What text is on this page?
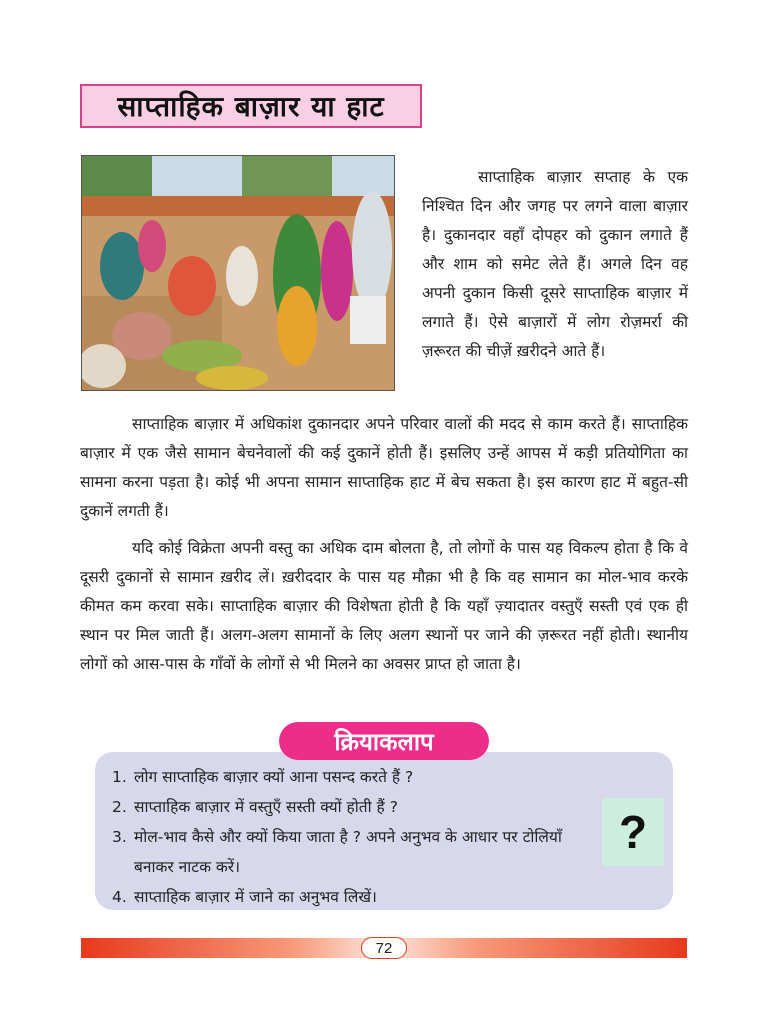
साप्ताहिक बाज़ार या हाट

साप्ताहिक बाज़ार सप्ताह के एक निश्चित दिन और जगह पर लगने वाला बाज़ार है। दुकानदार वहाँ दोपहर को दुकान लगाते हैं और शाम को समेट लेते हैं। अगले दिन वह अपनी दुकान किसी दूसरे साप्ताहिक बाज़ार में लगाते हैं। ऐसे बाज़ारों में लोग रोज़मर्रा की ज़रूरत की चीज़ें ख़रीदने आते हैं।

साप्ताहिक बाज़ार में अधिकांश दुकानदार अपने परिवार वालों की मदद से काम करते हैं। साप्ताहिक बाज़ार में एक जैसे सामान बेचनेवालों की कई दुकानें होती हैं। इसलिए उन्हें आपस में कड़ी प्रतियोगिता का सामना करना पड़ता है। कोई भी अपना सामान साप्ताहिक हाट में बेच सकता है। इस कारण हाट में बहुत-सी दुकानें लगती हैं।

यदि कोई विक्रेता अपनी वस्तु का अधिक दाम बोलता है, तो लोगों के पास यह विकल्प होता है कि वे दूसरी दुकानों से सामान ख़रीद लें। ख़रीददार के पास यह मौक़ा भी है कि वह सामान का मोल-भाव करके कीमत कम करवा सके। साप्ताहिक बाज़ार की विशेषता होती है कि यहाँ ज़्यादातर वस्तुएँ सस्ती एवं एक ही स्थान पर मिल जाती हैं। अलग-अलग सामानों के लिए अलग स्थानों पर जाने की ज़रूरत नहीं होती। स्थानीय लोगों को आस-पास के गाँवों के लोगों से भी मिलने का अवसर प्राप्त हो जाता है।

क्रियाकलाप
1. लोग साप्ताहिक बाज़ार क्यों आना पसन्द करते हैं ?
2. साप्ताहिक बाज़ार में वस्तुएँ सस्ती क्यों होती हैं ?
3. मोल-भाव कैसे और क्यों किया जाता है ? अपने अनुभव के आधार पर टोलियाँ बनाकर नाटक करें।
4. साप्ताहिक बाज़ार में जाने का अनुभव लिखें।
?
72
